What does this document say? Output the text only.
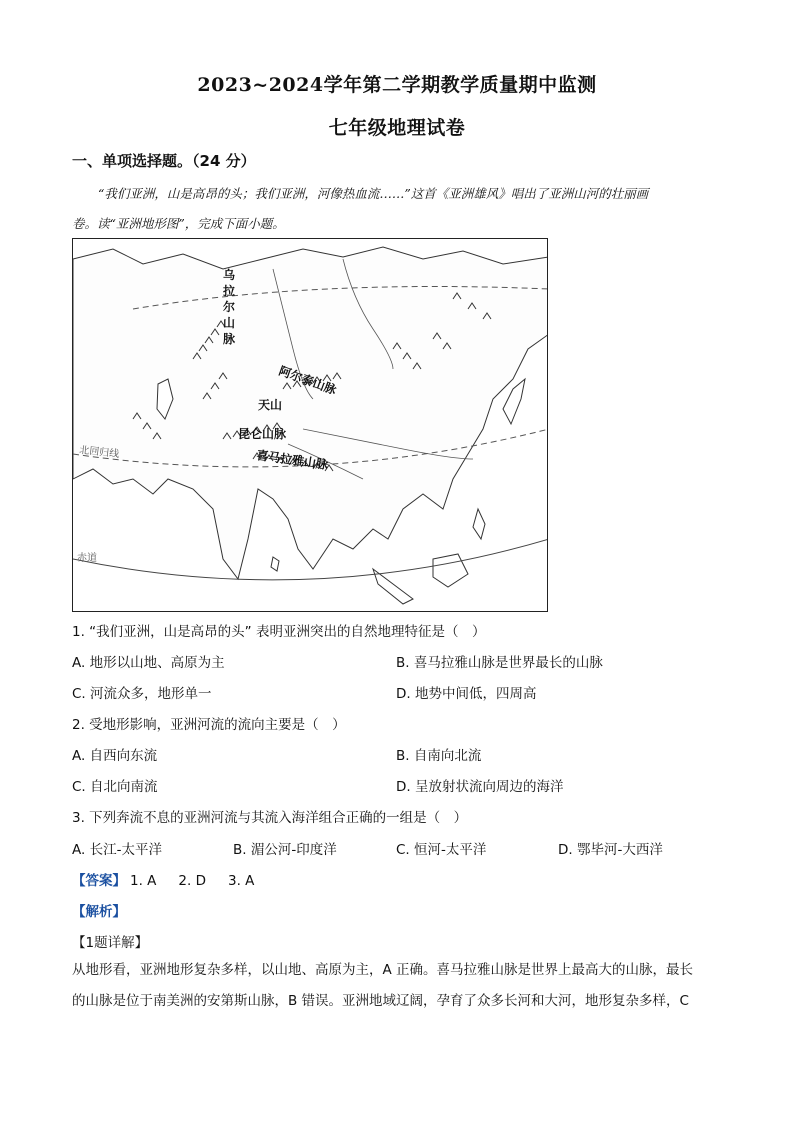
2023~2024学年第二学期教学质量期中监测
七年级地理试卷
一、单项选择题。（24 分）
“我们亚洲，山是高昂的头；我们亚洲，河像热血流……”这首《亚洲雄风》唱出了亚洲山河的壮丽画
卷。读“亚洲地形图”，完成下面小题。
乌
拉
尔
山
脉
阿尔泰山脉
天山
昆仑山脉
喜马拉雅山脉
北回归线
赤道
1. “我们亚洲，山是高昂的头” 表明亚洲突出的自然地理特征是（　）
A. 地形以山地、高原为主	B. 喜马拉雅山脉是世界最长的山脉
C. 河流众多，地形单一	D. 地势中间低，四周高
2. 受地形影响，亚洲河流的流向主要是（　）
A. 自西向东流	B. 自南向北流
C. 自北向南流	D. 呈放射状流向周边的海洋
3. 下列奔流不息的亚洲河流与其流入海洋组合正确的一组是（　）
A. 长江-太平洋	B. 湄公河-印度洋	C. 恒河-太平洋	D. 鄂毕河-大西洋
【答案】 1. A 2. D 3. A
【解析】
【1题详解】
从地形看，亚洲地形复杂多样，以山地、高原为主，A 正确。喜马拉雅山脉是世界上最高大的山脉，最长
的山脉是位于南美洲的安第斯山脉，B 错误。亚洲地域辽阔，孕育了众多长河和大河，地形复杂多样，C
